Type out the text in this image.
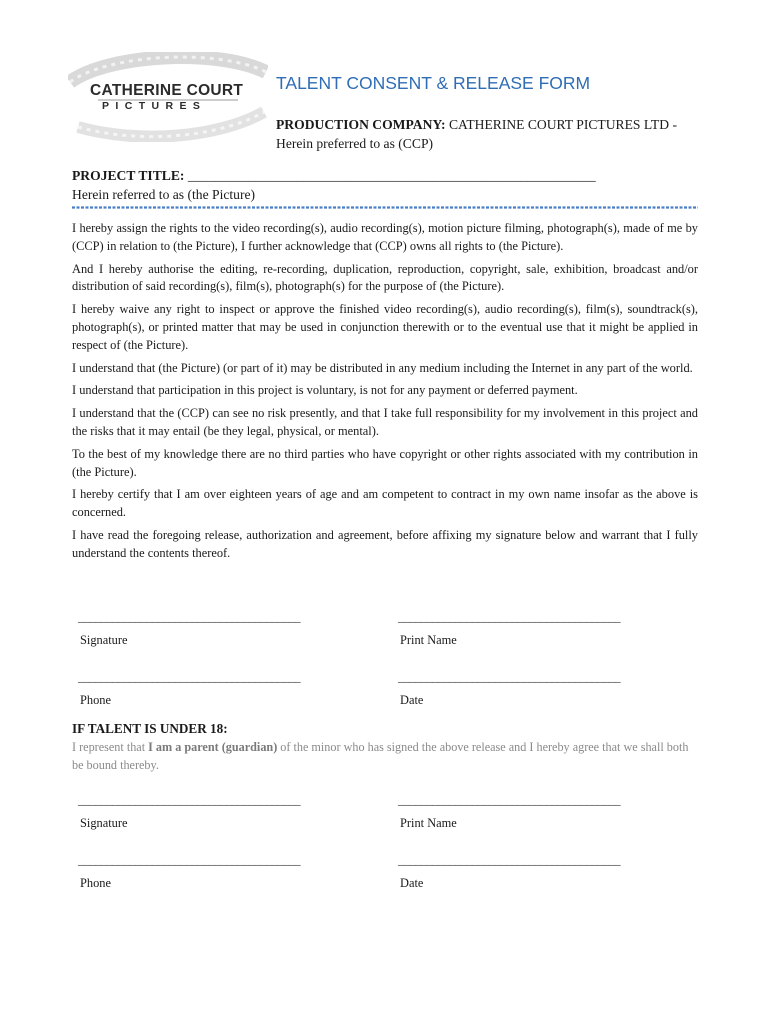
CATHERINE COURT
PICTURES
TALENT CONSENT & RELEASE FORM
PRODUCTION COMPANY: CATHERINE COURT PICTURES LTD - Herein preferred to as (CCP)
PROJECT TITLE: ____________________________________________________________
Herein referred to as (the Picture)

I hereby assign the rights to the video recording(s), audio recording(s), motion picture filming, photograph(s), made of me by (CCP) in relation to (the Picture), I further acknowledge that (CCP) owns all rights to (the Picture).

And I hereby authorise the editing, re-recording, duplication, reproduction, copyright, sale, exhibition, broadcast and/or distribution of said recording(s), film(s), photograph(s) for the purpose of (the Picture).

I hereby waive any right to inspect or approve the finished video recording(s), audio recording(s), film(s), soundtrack(s), photograph(s), or printed matter that may be used in conjunction therewith or to the eventual use that it might be applied in respect of (the Picture).

I understand that (the Picture) (or part of it) may be distributed in any medium including the Internet in any part of the world.

I understand that participation in this project is voluntary, is not for any payment or deferred payment.

I understand that the (CCP) can see no risk presently, and that I take full responsibility for my involvement in this project and the risks that it may entail (be they legal, physical, or mental).

To the best of my knowledge there are no third parties who have copyright or other rights associated with my contribution in (the Picture).

I hereby certify that I am over eighteen years of age and am competent to contract in my own name insofar as the above is concerned.

I have read the foregoing release, authorization and agreement, before affixing my signature below and warrant that I fully understand the contents thereof.

_______________________________________	_______________________________________
Signature	Print Name
_______________________________________	_______________________________________
Phone	Date
IF TALENT IS UNDER 18:
I represent that I am a parent (guardian) of the minor who has signed the above release and I hereby agree that we shall both be bound thereby.
_______________________________________	_______________________________________
Signature	Print Name
_______________________________________	_______________________________________
Phone	Date
